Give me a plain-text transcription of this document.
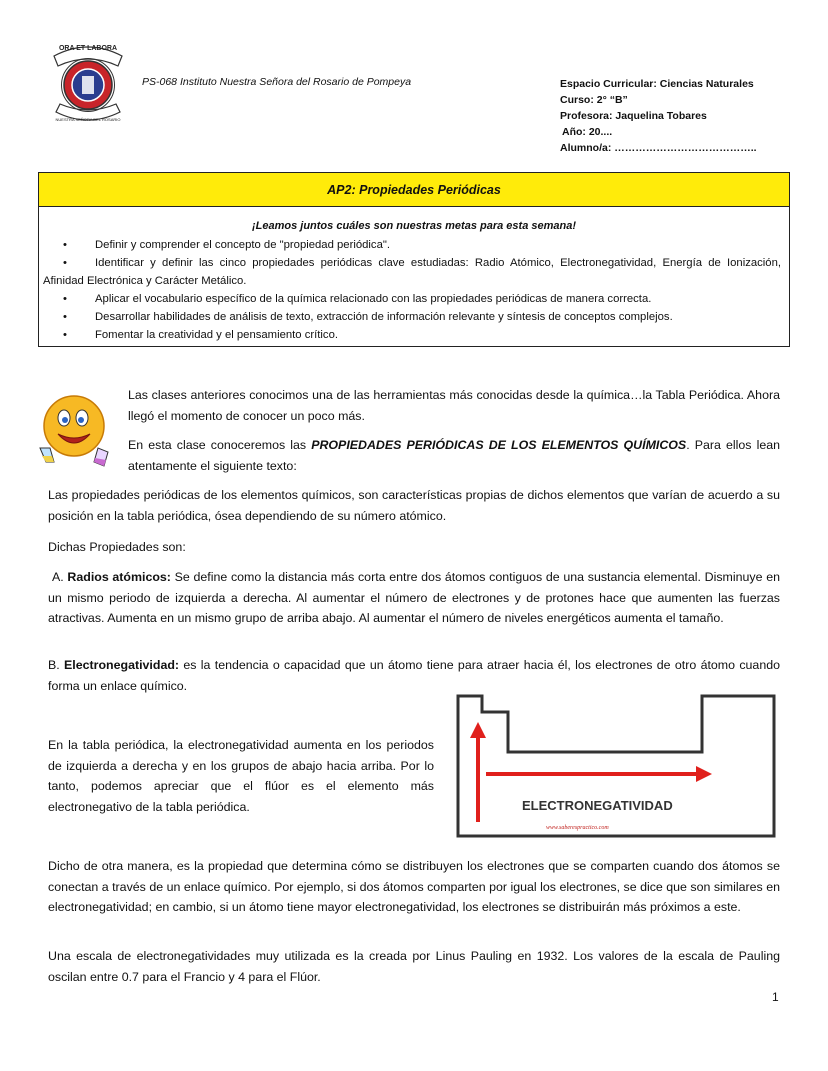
ORA ET LABORA
NUESTRA SEÑORA DEL ROSARIO
PS-068 Instituto Nuestra Señora del Rosario de Pompeya	Espacio Curricular: Ciencias Naturales
Curso: 2° “B”
Profesora: Jaquelina Tobares
Año: 20....
Alumno/a: …………………………………..
AP2: Propiedades Periódicas
¡Leamos juntos cuáles son nuestras metas para esta semana!
• Definir y comprender el concepto de "propiedad periódica".
• Identificar y definir las cinco propiedades periódicas clave estudiadas: Radio Atómico, Electronegatividad, Energía de Ionización, Afinidad Electrónica y Carácter Metálico.
• Aplicar el vocabulario específico de la química relacionado con las propiedades periódicas de manera correcta.
• Desarrollar habilidades de análisis de texto, extracción de información relevante y síntesis de conceptos complejos.
• Fomentar la creatividad y el pensamiento crítico.
Las clases anteriores conocimos una de las herramientas más conocidas desde la química…la Tabla Periódica. Ahora llegó el momento de conocer un poco más.
En esta clase conoceremos las PROPIEDADES PERIÓDICAS DE LOS ELEMENTOS QUÍMICOS. Para ellos lean atentamente el siguiente texto:
Las propiedades periódicas de los elementos químicos, son características propias de dichos elementos que varían de acuerdo a su posición en la tabla periódica, ósea dependiendo de su número atómico.
Dichas Propiedades son:
A. Radios atómicos: Se define como la distancia más corta entre dos átomos contiguos de una sustancia elemental. Disminuye en un mismo periodo de izquierda a derecha. Al aumentar el número de electrones y de protones hace que aumenten las fuerzas atractivas. Aumenta en un mismo grupo de arriba abajo. Al aumentar el número de niveles energéticos aumenta el tamaño.
B. Electronegatividad: es la tendencia o capacidad que un átomo tiene para atraer hacia él, los electrones de otro átomo cuando forma un enlace químico.
En la tabla periódica, la electronegatividad aumenta en los periodos de izquierda a derecha y en los grupos de abajo hacia arriba. Por lo tanto, podemos apreciar que el flúor es el elemento más electronegativo de la tabla periódica.	ELECTRONEGATIVIDAD
www.saberespractico.com
Dicho de otra manera, es la propiedad que determina cómo se distribuyen los electrones que se comparten cuando dos átomos se conectan a través de un enlace químico. Por ejemplo, si dos átomos comparten por igual los electrones, se dice que son similares en electronegatividad; en cambio, si un átomo tiene mayor electronegatividad, los electrones se distribuirán más próximos a este.
Una escala de electronegatividades muy utilizada es la creada por Linus Pauling en 1932. Los valores de la escala de Pauling oscilan entre 0.7 para el Francio y 4 para el Flúor.
1
